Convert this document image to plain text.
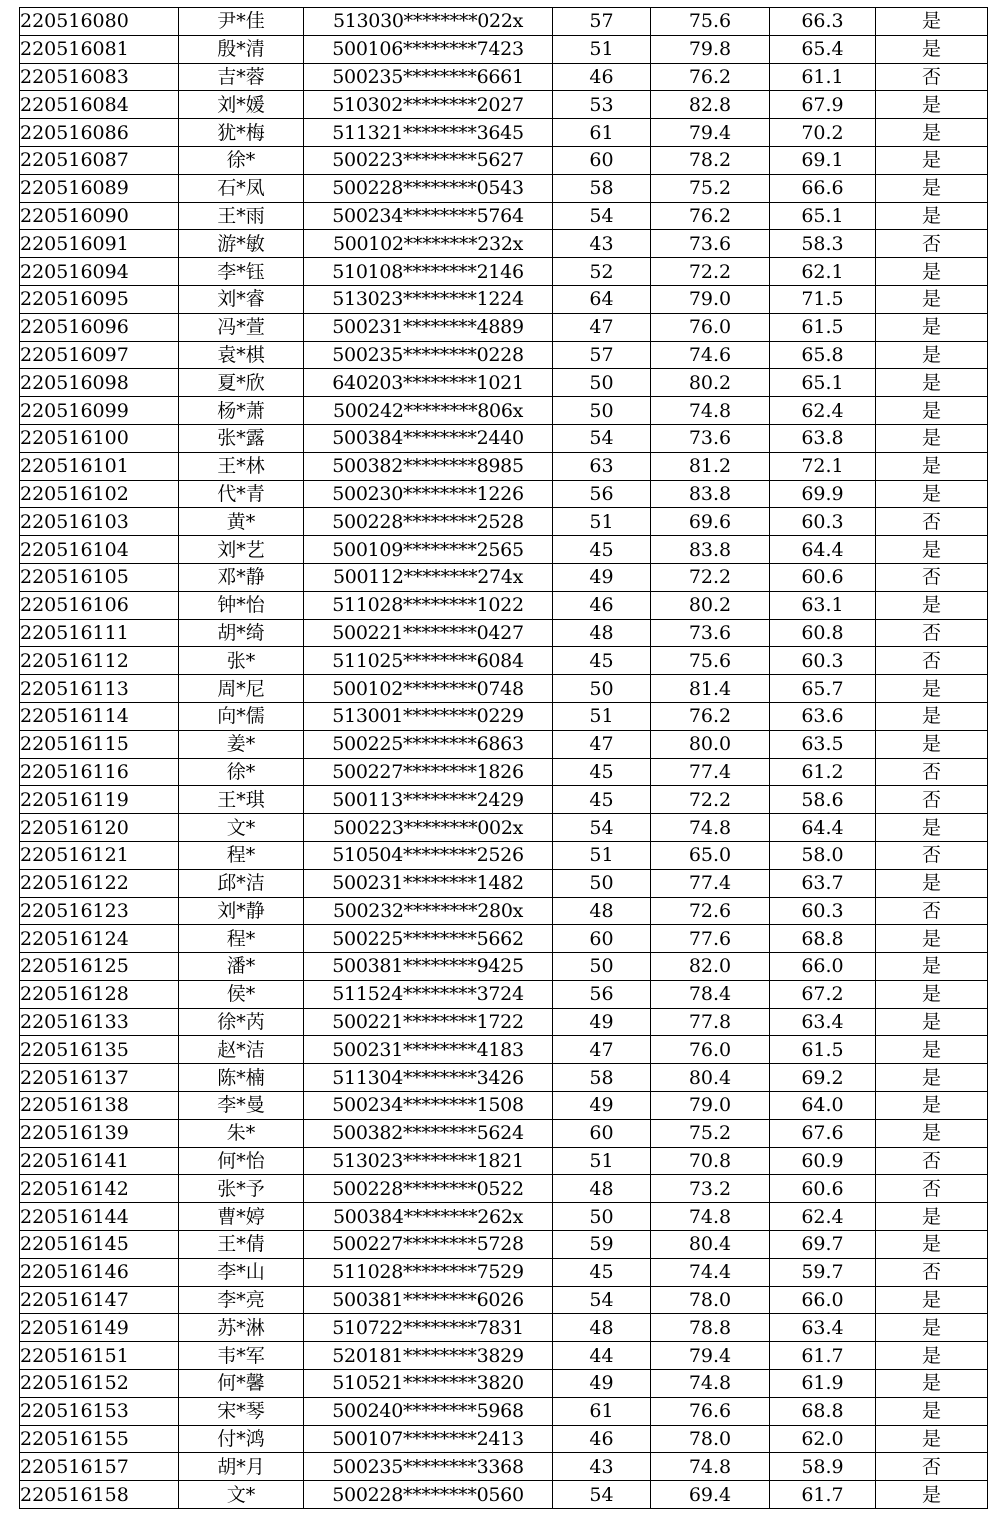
220516080	尹*佳	513030********022x	57	75.6	66.3	是
220516081	殷*清	500106********7423	51	79.8	65.4	是
220516083	吉*蓉	500235********6661	46	76.2	61.1	否
220516084	刘*媛	510302********2027	53	82.8	67.9	是
220516086	犹*梅	511321********3645	61	79.4	70.2	是
220516087	徐*	500223********5627	60	78.2	69.1	是
220516089	石*凤	500228********0543	58	75.2	66.6	是
220516090	王*雨	500234********5764	54	76.2	65.1	是
220516091	游*敏	500102********232x	43	73.6	58.3	否
220516094	李*钰	510108********2146	52	72.2	62.1	是
220516095	刘*睿	513023********1224	64	79.0	71.5	是
220516096	冯*萱	500231********4889	47	76.0	61.5	是
220516097	袁*棋	500235********0228	57	74.6	65.8	是
220516098	夏*欣	640203********1021	50	80.2	65.1	是
220516099	杨*萧	500242********806x	50	74.8	62.4	是
220516100	张*露	500384********2440	54	73.6	63.8	是
220516101	王*林	500382********8985	63	81.2	72.1	是
220516102	代*青	500230********1226	56	83.8	69.9	是
220516103	黄*	500228********2528	51	69.6	60.3	否
220516104	刘*艺	500109********2565	45	83.8	64.4	是
220516105	邓*静	500112********274x	49	72.2	60.6	否
220516106	钟*怡	511028********1022	46	80.2	63.1	是
220516111	胡*绮	500221********0427	48	73.6	60.8	否
220516112	张*	511025********6084	45	75.6	60.3	否
220516113	周*尼	500102********0748	50	81.4	65.7	是
220516114	向*儒	513001********0229	51	76.2	63.6	是
220516115	姜*	500225********6863	47	80.0	63.5	是
220516116	徐*	500227********1826	45	77.4	61.2	否
220516119	王*琪	500113********2429	45	72.2	58.6	否
220516120	文*	500223********002x	54	74.8	64.4	是
220516121	程*	510504********2526	51	65.0	58.0	否
220516122	邱*洁	500231********1482	50	77.4	63.7	是
220516123	刘*静	500232********280x	48	72.6	60.3	否
220516124	程*	500225********5662	60	77.6	68.8	是
220516125	潘*	500381********9425	50	82.0	66.0	是
220516128	侯*	511524********3724	56	78.4	67.2	是
220516133	徐*芮	500221********1722	49	77.8	63.4	是
220516135	赵*洁	500231********4183	47	76.0	61.5	是
220516137	陈*楠	511304********3426	58	80.4	69.2	是
220516138	李*曼	500234********1508	49	79.0	64.0	是
220516139	朱*	500382********5624	60	75.2	67.6	是
220516141	何*怡	513023********1821	51	70.8	60.9	否
220516142	张*予	500228********0522	48	73.2	60.6	否
220516144	曹*婷	500384********262x	50	74.8	62.4	是
220516145	王*倩	500227********5728	59	80.4	69.7	是
220516146	李*山	511028********7529	45	74.4	59.7	否
220516147	李*亮	500381********6026	54	78.0	66.0	是
220516149	苏*淋	510722********7831	48	78.8	63.4	是
220516151	韦*军	520181********3829	44	79.4	61.7	是
220516152	何*馨	510521********3820	49	74.8	61.9	是
220516153	宋*琴	500240********5968	61	76.6	68.8	是
220516155	付*鸿	500107********2413	46	78.0	62.0	是
220516157	胡*月	500235********3368	43	74.8	58.9	否
220516158	文*	500228********0560	54	69.4	61.7	是
